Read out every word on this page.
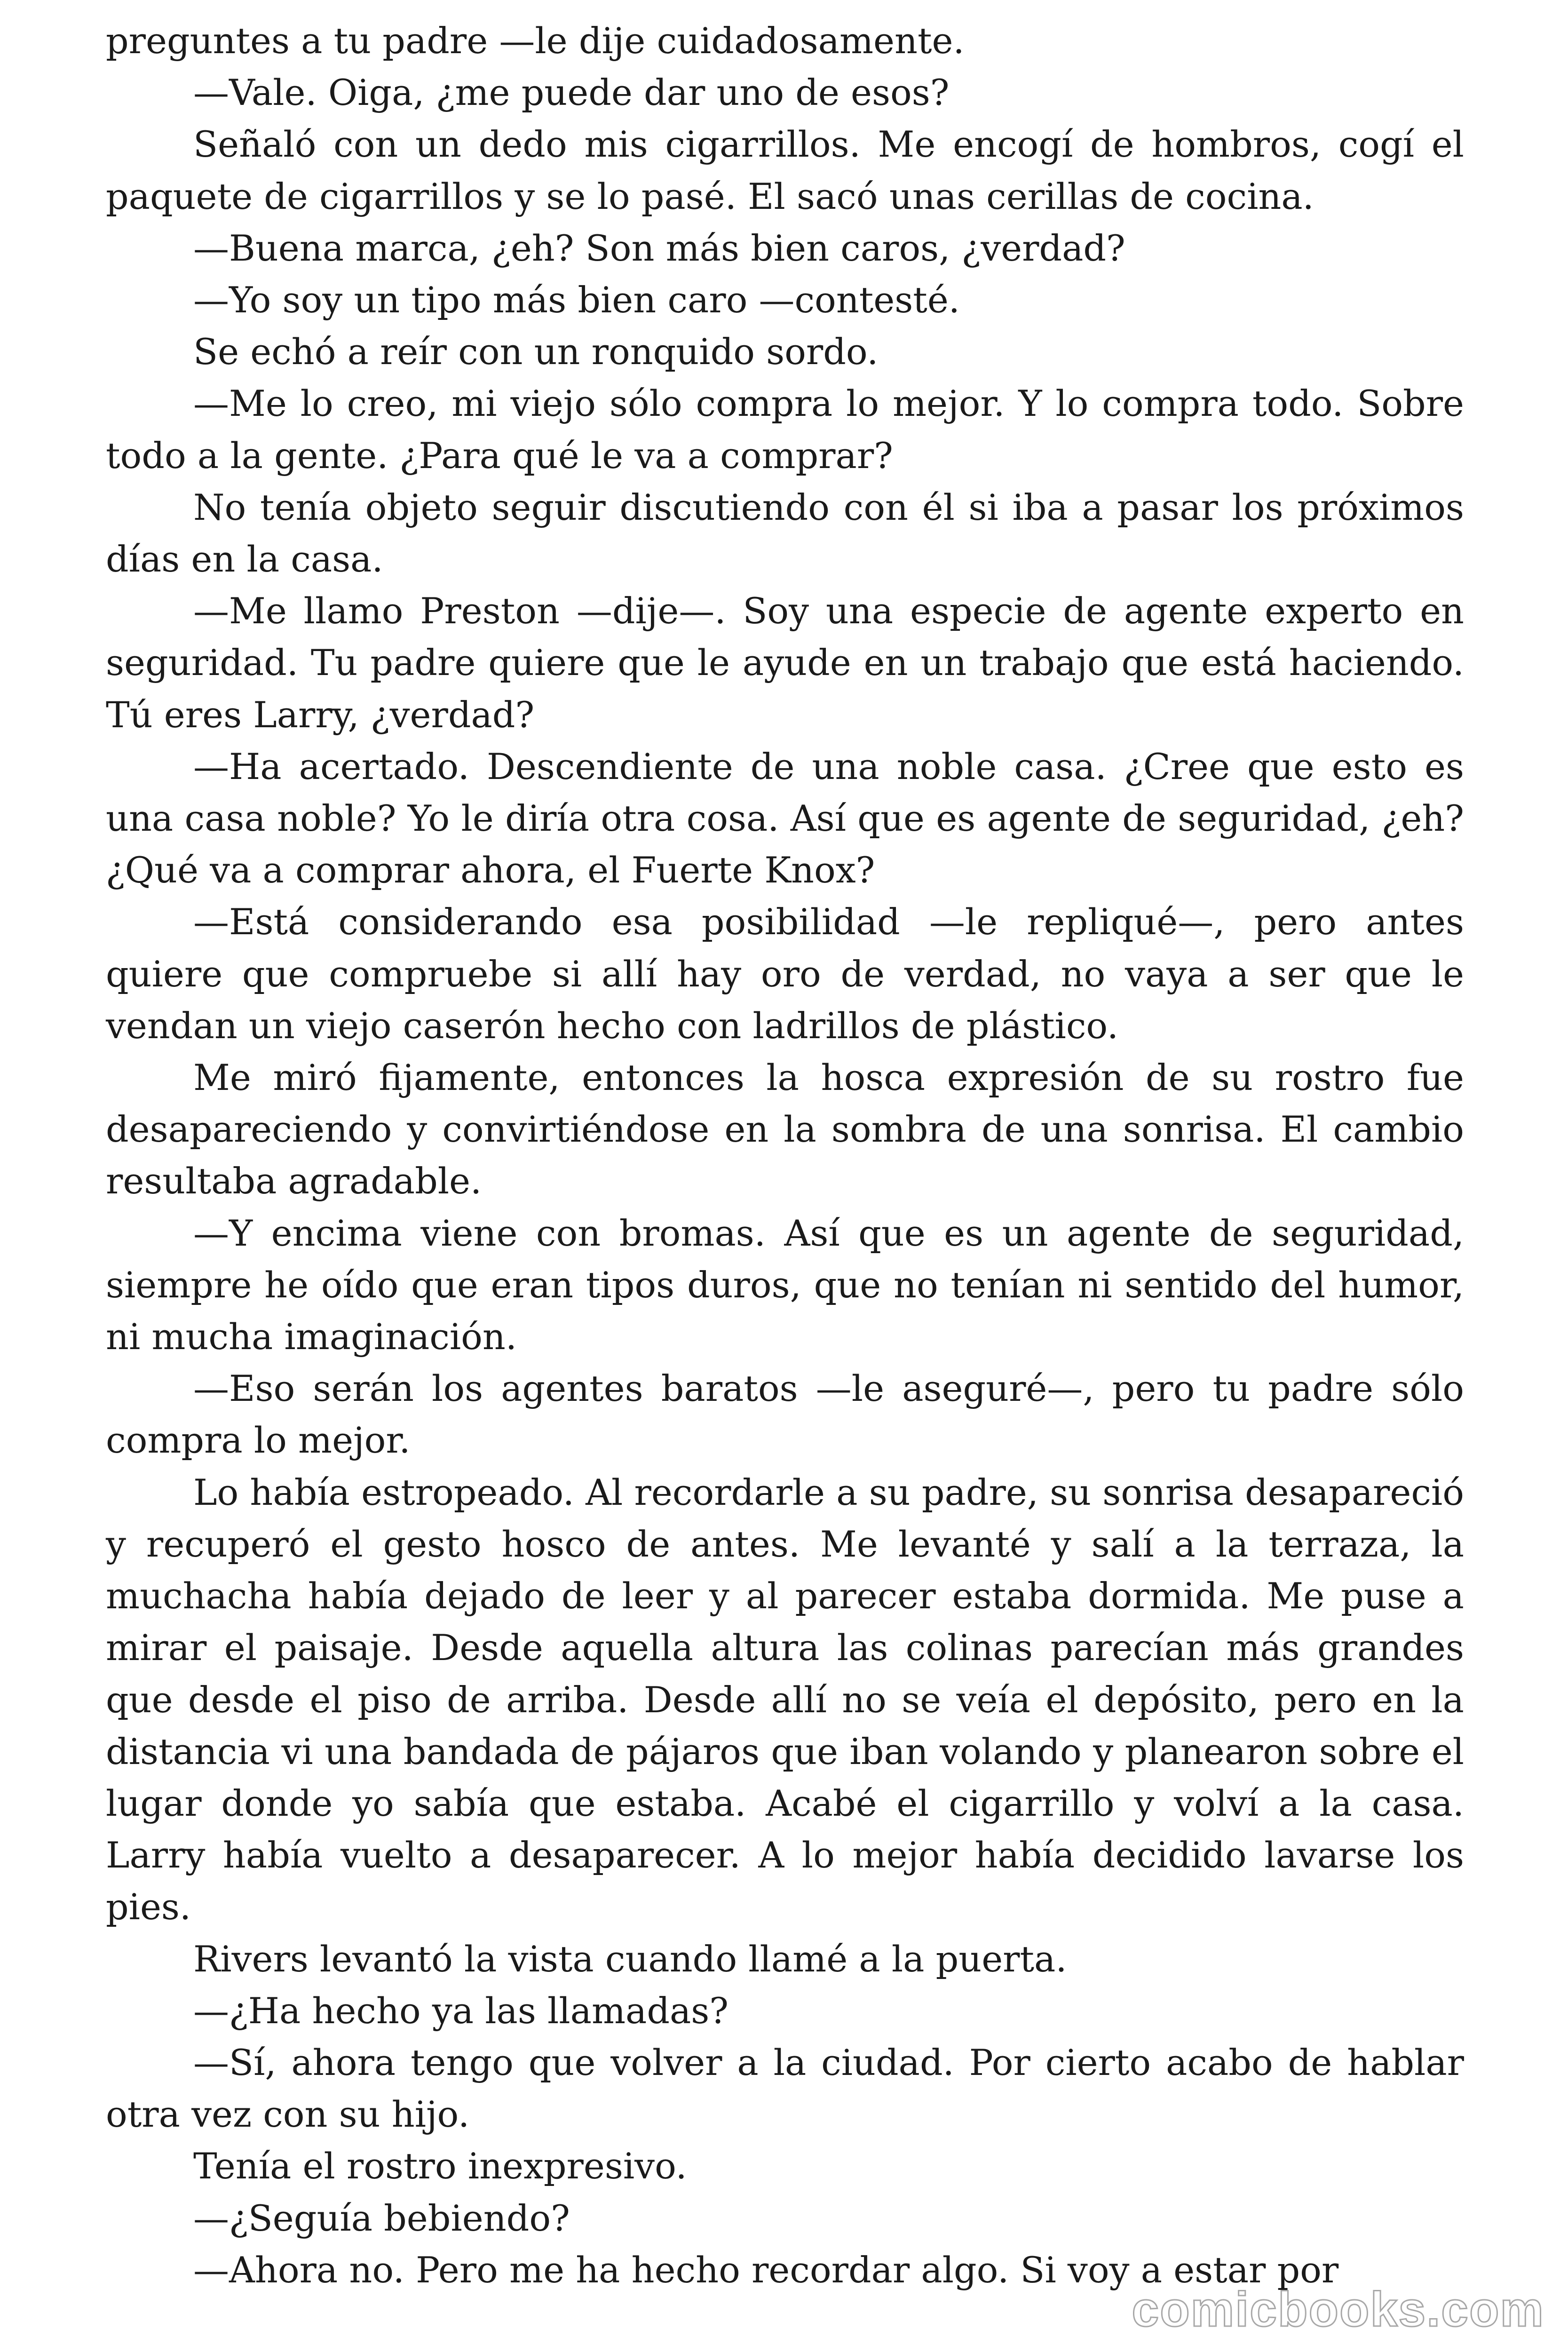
preguntes a tu padre —le dije cuidadosamente.

—Vale. Oiga, ¿me puede dar uno de esos?

Señaló con un dedo mis cigarrillos. Me encogí de hombros, cogí el paquete de cigarrillos y se lo pasé. El sacó unas cerillas de cocina.

—Buena marca, ¿eh? Son más bien caros, ¿verdad?

—Yo soy un tipo más bien caro —contesté.

Se echó a reír con un ronquido sordo.

—Me lo creo, mi viejo sólo compra lo mejor. Y lo compra todo. Sobre todo a la gente. ¿Para qué le va a comprar?

No tenía objeto seguir discutiendo con él si iba a pasar los próximos días en la casa.

—Me llamo Preston —dije—. Soy una especie de agente experto en seguridad. Tu padre quiere que le ayude en un trabajo que está haciendo. Tú eres Larry, ¿verdad?

—Ha acertado. Descendiente de una noble casa. ¿Cree que esto es una casa noble? Yo le diría otra cosa. Así que es agente de seguridad, ¿eh? ¿Qué va a comprar ahora, el Fuerte Knox?

—Está considerando esa posibilidad —le repliqué—, pero antes quiere que compruebe si allí hay oro de verdad, no vaya a ser que le vendan un viejo caserón hecho con ladrillos de plástico.

Me miró fijamente, entonces la hosca expresión de su rostro fue desapareciendo y convirtiéndose en la sombra de una sonrisa. El cambio resultaba agradable.

—Y encima viene con bromas. Así que es un agente de seguridad, siempre he oído que eran tipos duros, que no tenían ni sentido del humor, ni mucha imaginación.

—Eso serán los agentes baratos —le aseguré—, pero tu padre sólo compra lo mejor.

Lo había estropeado. Al recordarle a su padre, su sonrisa desapareció y recuperó el gesto hosco de antes. Me levanté y salí a la terraza, la muchacha había dejado de leer y al parecer estaba dormida. Me puse a mirar el paisaje. Desde aquella altura las colinas parecían más grandes que desde el piso de arriba. Desde allí no se veía el depósito, pero en la distancia vi una bandada de pájaros que iban volando y planearon sobre el lugar donde yo sabía que estaba. Acabé el cigarrillo y volví a la casa. Larry había vuelto a desaparecer. A lo mejor había decidido lavarse los pies.

Rivers levantó la vista cuando llamé a la puerta.

—¿Ha hecho ya las llamadas?

—Sí, ahora tengo que volver a la ciudad. Por cierto acabo de hablar otra vez con su hijo.

Tenía el rostro inexpresivo.

—¿Seguía bebiendo?

—Ahora no. Pero me ha hecho recordar algo. Si voy a estar por

comicbooks.com
